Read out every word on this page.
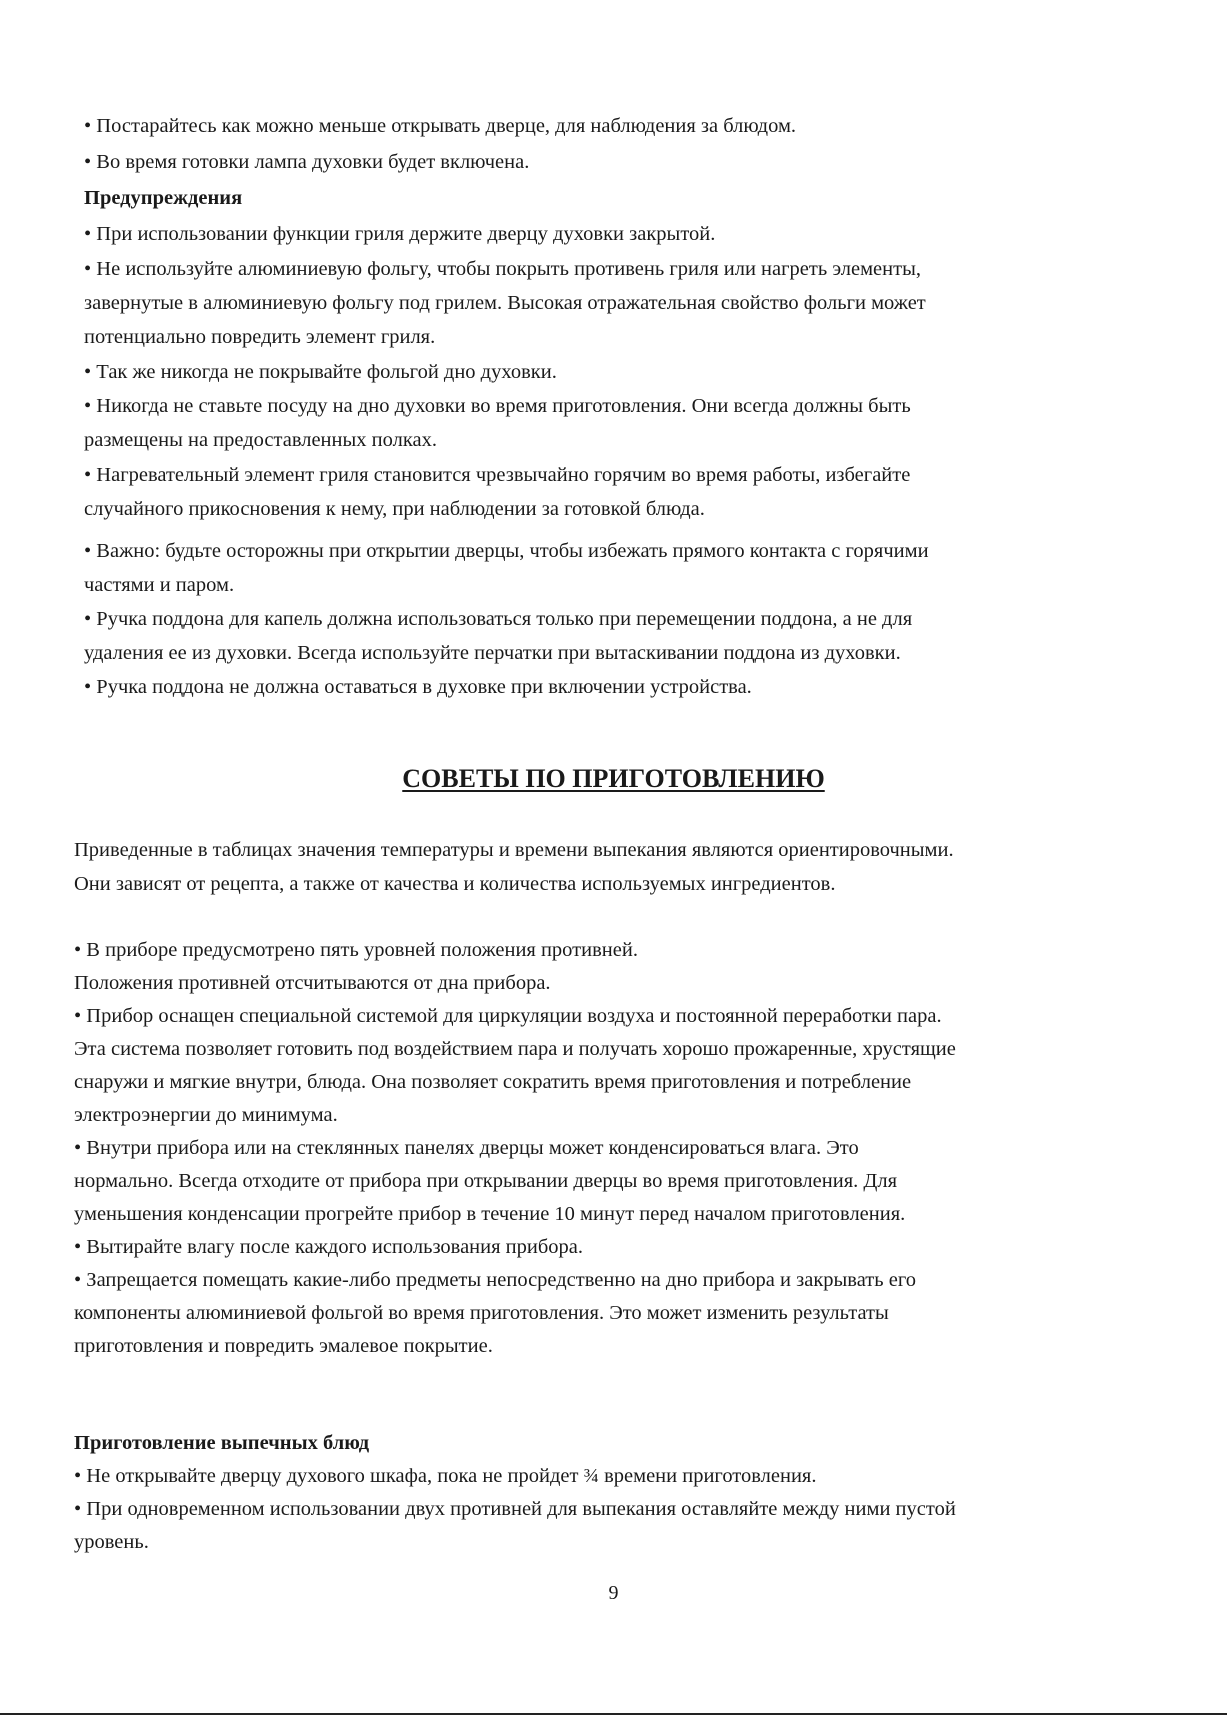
• Постарайтесь как можно меньше открывать дверце, для наблюдения за блюдом.
• Во время готовки лампа духовки будет включена.
Предупреждения
• При использовании функции гриля держите дверцу духовки закрытой.
• Не используйте алюминиевую фольгу, чтобы покрыть противень гриля или нагреть элементы,
завернутые в алюминиевую фольгу под грилем. Высокая отражательная свойство фольги может
потенциально повредить элемент гриля.
• Так же никогда не покрывайте фольгой дно духовки.
• Никогда не ставьте посуду на дно духовки во время приготовления. Они всегда должны быть
размещены на предоставленных полках.
• Нагревательный элемент гриля становится чрезвычайно горячим во время работы, избегайте
случайного прикосновения к нему, при наблюдении за готовкой блюда.
• Важно: будьте осторожны при открытии дверцы, чтобы избежать прямого контакта с горячими
частями и паром.
• Ручка поддона для капель должна использоваться только при перемещении поддона, а не для
удаления ее из духовки. Всегда используйте перчатки при вытаскивании поддона из духовки.
• Ручка поддона не должна оставаться в духовке при включении устройства.
СОВЕТЫ ПО ПРИГОТОВЛЕНИЮ
Приведенные в таблицах значения температуры и времени выпекания являются ориентировочными.
Они зависят от рецепта, а также от качества и количества используемых ингредиентов.
• В приборе предусмотрено пять уровней положения противней.
Положения противней отсчитываются от дна прибора.
• Прибор оснащен специальной системой для циркуляции воздуха и постоянной переработки пара.
Эта система позволяет готовить под воздействием пара и получать хорошо прожаренные, хрустящие
снаружи и мягкие внутри, блюда. Она позволяет сократить время приготовления и потребление
электроэнергии до минимума.
• Внутри прибора или на стеклянных панелях дверцы может конденсироваться влага. Это
нормально. Всегда отходите от прибора при открывании дверцы во время приготовления. Для
уменьшения конденсации прогрейте прибор в течение 10 минут перед началом приготовления.
• Вытирайте влагу после каждого использования прибора.
• Запрещается помещать какие-либо предметы непосредственно на дно прибора и закрывать его
компоненты алюминиевой фольгой во время приготовления. Это может изменить результаты
приготовления и повредить эмалевое покрытие.
Приготовление выпечных блюд
• Не открывайте дверцу духового шкафа, пока не пройдет ¾ времени приготовления.
• При одновременном использовании двух противней для выпекания оставляйте между ними пустой
уровень.
9
